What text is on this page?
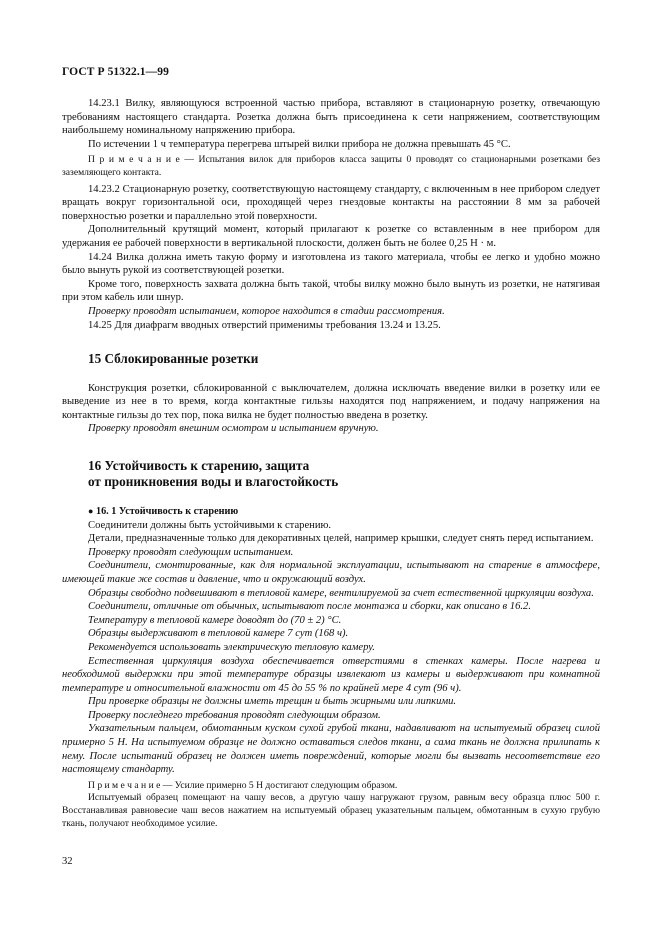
ГОСТ Р 51322.1—99

14.23.1 Вилку, являющуюся встроенной частью прибора, вставляют в стационарную розетку, отвечающую требованиям настоящего стандарта. Розетка должна быть присоединена к сети напряжением, соответствующим наибольшему номинальному напряжению прибора.

По истечении 1 ч температура перегрева штырей вилки прибора не должна превышать 45 °С.

П р и м е ч а н и е — Испытания вилок для приборов класса защиты 0 проводят со стационарными розетками без заземляющего контакта.

14.23.2 Стационарную розетку, соответствующую настоящему стандарту, с включенным в нее прибором следует вращать вокруг горизонтальной оси, проходящей через гнездовые контакты на расстоянии 8 мм за рабочей поверхностью розетки и параллельно этой поверхности.

Дополнительный крутящий момент, который прилагают к розетке со вставленным в нее прибором для удержания ее рабочей поверхности в вертикальной плоскости, должен быть не более 0,25 Н · м.

14.24 Вилка должна иметь такую форму и изготовлена из такого материала, чтобы ее легко и удобно можно было вынуть рукой из соответствующей розетки.

Кроме того, поверхность захвата должна быть такой, чтобы вилку можно было вынуть из розетки, не натягивая при этом кабель или шнур.

Проверку проводят испытанием, которое находится в стадии рассмотрения.

14.25 Для диафрагм вводных отверстий применимы требования 13.24 и 13.25.

15 Сблокированные розетки

Конструкция розетки, сблокированной с выключателем, должна исключать введение вилки в розетку или ее выведение из нее в то время, когда контактные гильзы находятся под напряжением, и подачу напряжения на контактные гильзы до тех пор, пока вилка не будет полностью введена в розетку.

Проверку проводят внешним осмотром и испытанием вручную.

16 Устойчивость к старению, защита
от проникновения воды и влагостойкость
● 16. 1 Устойчивость к старению

Соединители должны быть устойчивыми к старению.

Детали, предназначенные только для декоративных целей, например крышки, следует снять перед испытанием.

Проверку проводят следующим испытанием.

Соединители, смонтированные, как для нормальной эксплуатации, испытывают на старение в атмосфере, имеющей такие же состав и давление, что и окружающий воздух.

Образцы свободно подвешивают в тепловой камере, вентилируемой за счет естественной циркуляции воздуха.

Соединители, отличные от обычных, испытывают после монтажа и сборки, как описано в 16.2.

Температуру в тепловой камере доводят до (70 ± 2) °С.

Образцы выдерживают в тепловой камере 7 сут (168 ч).

Рекомендуется использовать электрическую тепловую камеру.

Естественная циркуляция воздуха обеспечивается отверстиями в стенках камеры. После нагрева и необходимой выдержки при этой температуре образцы извлекают из камеры и выдерживают при комнатной температуре и относительной влажности от 45 до 55 % по крайней мере 4 сут (96 ч).

При проверке образцы не должны иметь трещин и быть жирными или липкими.

Проверку последнего требования проводят следующим образом.

Указательным пальцем, обмотанным куском сухой грубой ткани, надавливают на испытуемый образец силой примерно 5 Н. На испытуемом образце не должно оставаться следов ткани, а сама ткань не должна прилипать к нему. После испытаний образец не должен иметь повреждений, которые могли бы вызвать несоответствие его настоящему стандарту.

П р и м е ч а н и е — Усилие примерно 5 Н достигают следующим образом.

Испытуемый образец помещают на чашу весов, а другую чашу нагружают грузом, равным весу образца плюс 500 г. Восстанавливая равновесие чаш весов нажатием на испытуемый образец указательным пальцем, обмотанным в сухую грубую ткань, получают необходимое усилие.

32
